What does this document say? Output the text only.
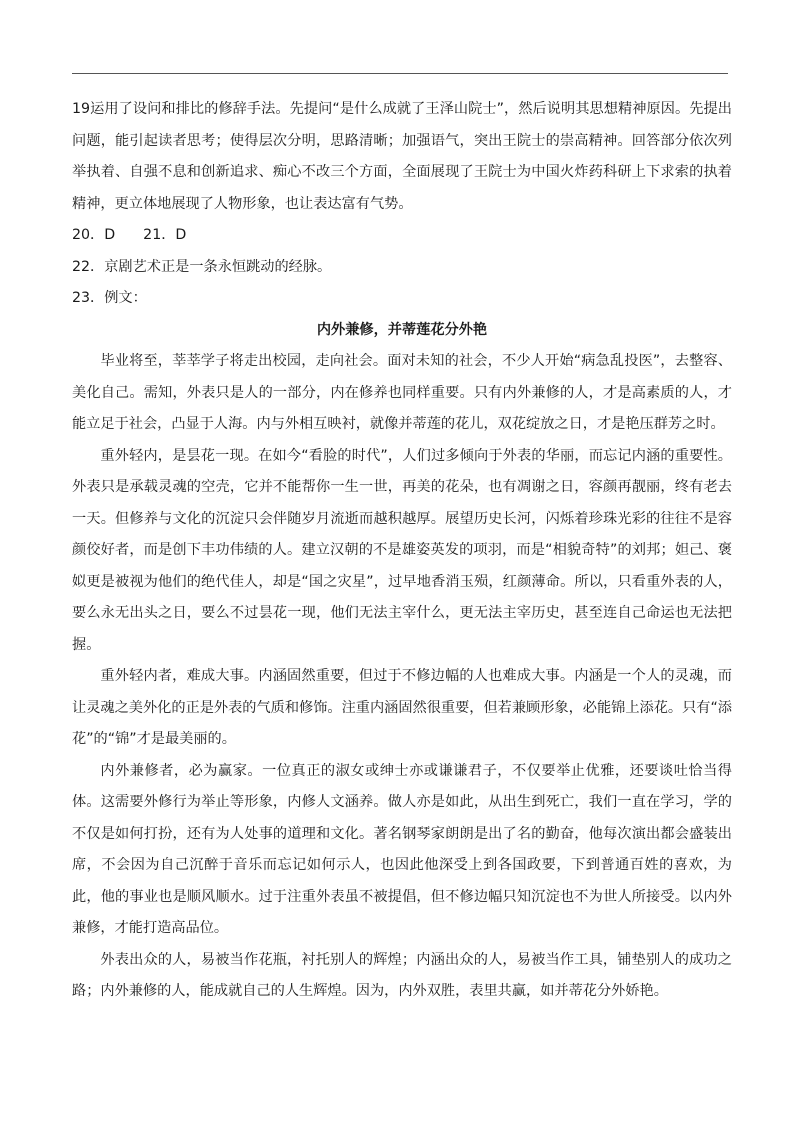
19运用了设问和排比的修辞手法。先提问“是什么成就了王泽山院士”，然后说明其思想精神原因。先提出问题，能引起读者思考；使得层次分明，思路清晰；加强语气，突出王院士的崇高精神。回答部分依次列举执着、自强不息和创新追求、痴心不改三个方面，全面展现了王院士为中国火炸药科研上下求索的执着精神，更立体地展现了人物形象，也让表达富有气势。

20．D 21．D

22．京剧艺术正是一条永恒跳动的经脉。

23．例文：

内外兼修，并蒂莲花分外艳

毕业将至，莘莘学子将走出校园，走向社会。面对未知的社会，不少人开始“病急乱投医”，去整容、美化自己。需知，外表只是人的一部分，内在修养也同样重要。只有内外兼修的人，才是高素质的人，才能立足于社会，凸显于人海。内与外相互映衬，就像并蒂莲的花儿，双花绽放之日，才是艳压群芳之时。

重外轻内，是昙花一现。在如今“看脸的时代”，人们过多倾向于外表的华丽，而忘记内涵的重要性。外表只是承载灵魂的空壳，它并不能帮你一生一世，再美的花朵，也有凋谢之日，容颜再靓丽，终有老去一天。但修养与文化的沉淀只会伴随岁月流逝而越积越厚。展望历史长河，闪烁着珍珠光彩的往往不是容颜佼好者，而是创下丰功伟绩的人。建立汉朝的不是雄姿英发的项羽，而是“相貌奇特”的刘邦；妲己、褒姒更是被视为他们的绝代佳人，却是“国之灾星”，过早地香消玉殒，红颜薄命。所以，只看重外表的人，要么永无出头之日，要么不过昙花一现，他们无法主宰什么，更无法主宰历史，甚至连自己命运也无法把握。

重外轻内者，难成大事。内涵固然重要，但过于不修边幅的人也难成大事。内涵是一个人的灵魂，而让灵魂之美外化的正是外表的气质和修饰。注重内涵固然很重要，但若兼顾形象，必能锦上添花。只有“添花”的“锦”才是最美丽的。

内外兼修者，必为赢家。一位真正的淑女或绅士亦或谦谦君子，不仅要举止优雅，还要谈吐恰当得体。这需要外修行为举止等形象，内修人文涵养。做人亦是如此，从出生到死亡，我们一直在学习，学的不仅是如何打扮，还有为人处事的道理和文化。著名钢琴家朗朗是出了名的勤奋，他每次演出都会盛装出席，不会因为自己沉醉于音乐而忘记如何示人，也因此他深受上到各国政要，下到普通百姓的喜欢，为此，他的事业也是顺风顺水。过于注重外表虽不被提倡，但不修边幅只知沉淀也不为世人所接受。以内外兼修，才能打造高品位。

外表出众的人，易被当作花瓶，衬托别人的辉煌；内涵出众的人，易被当作工具，铺垫别人的成功之路；内外兼修的人，能成就自己的人生辉煌。因为，内外双胜，表里共赢，如并蒂花分外娇艳。
